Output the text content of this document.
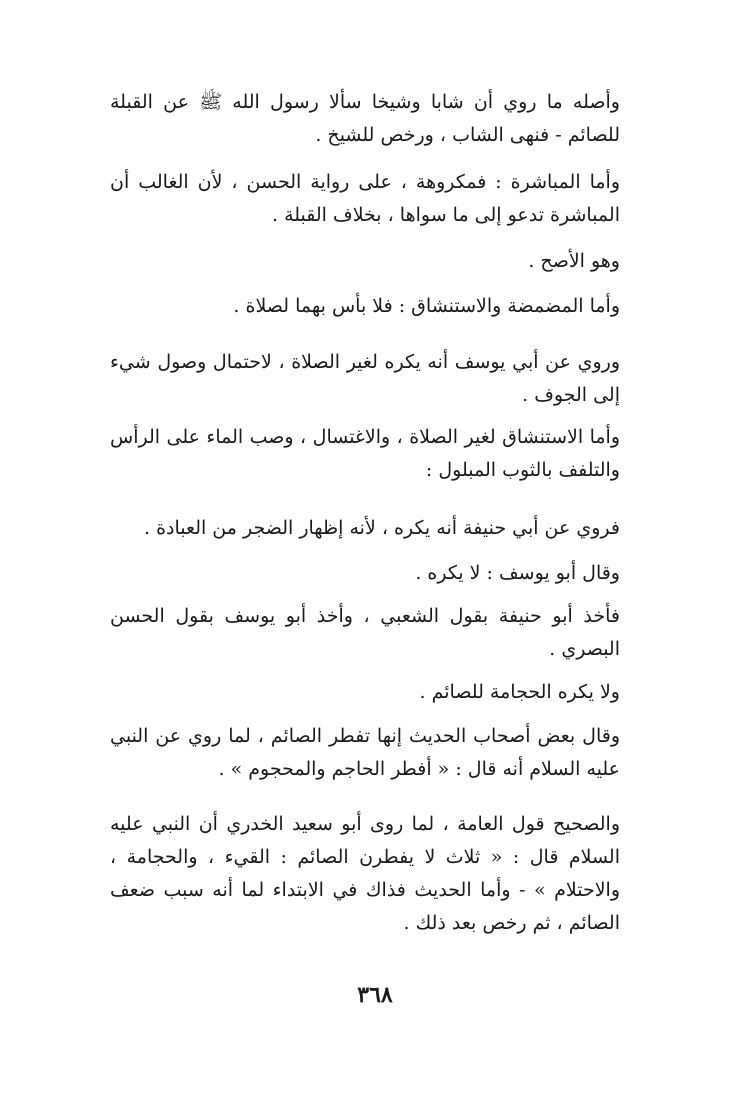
وأصله ما روي أن شابا وشيخا سألا رسول الله ﷺ عن القبلة للصائم - فنهى الشاب ، ورخص للشيخ .

وأما المباشرة : فمكروهة ، على رواية الحسن ، لأن الغالب أن المباشرة تدعو إلى ما سواها ، بخلاف القبلة .

وهو الأصح .

وأما المضمضة والاستنشاق : فلا بأس بهما لصلاة .

وروي عن أبي يوسف أنه يكره لغير الصلاة ، لاحتمال وصول شيء إلى الجوف .

وأما الاستنشاق لغير الصلاة ، والاغتسال ، وصب الماء على الرأس والتلفف بالثوب المبلول :

فروي عن أبي حنيفة أنه يكره ، لأنه إظهار الضجر من العبادة .

وقال أبو يوسف : لا يكره .

فأخذ أبو حنيفة بقول الشعبي ، وأخذ أبو يوسف بقول الحسن البصري .

ولا يكره الحجامة للصائم .

وقال بعض أصحاب الحديث إنها تفطر الصائم ، لما روي عن النبي عليه السلام أنه قال : « أفطر الحاجم والمحجوم » .

والصحيح قول العامة ، لما روى أبو سعيد الخدري أن النبي عليه السلام قال : « ثلاث لا يفطرن الصائم : القيء ، والحجامة ، والاحتلام » - وأما الحديث فذاك في الابتداء لما أنه سبب ضعف الصائم ، ثم رخص بعد ذلك .

٣٦٨
